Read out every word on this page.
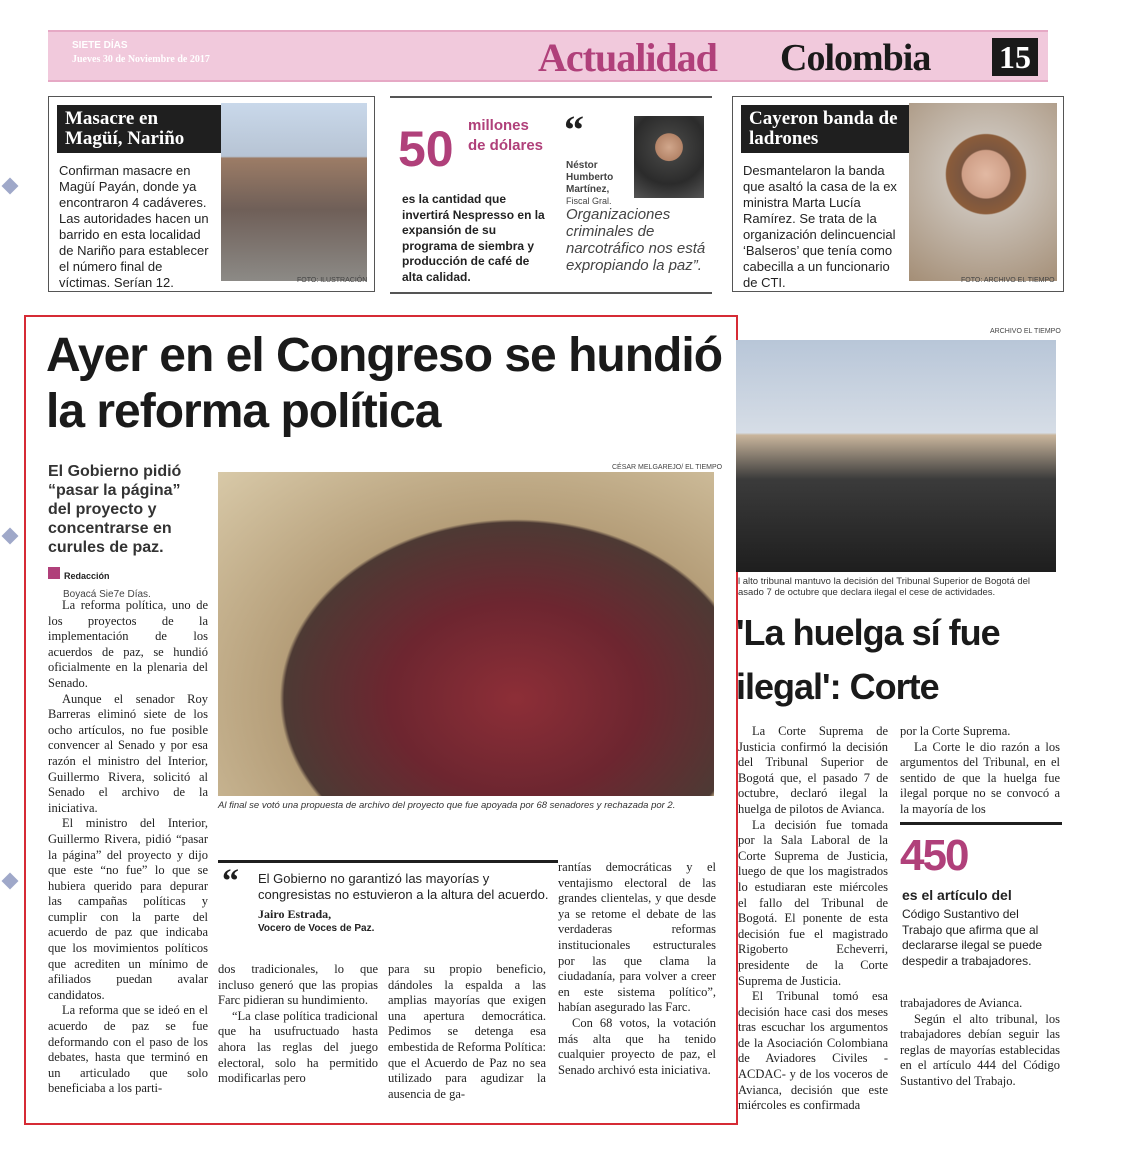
SIETE DÍAS
Jueves 30 de Noviembre de 2017	Actualidad Colombia 15
Masacre en Magüí, Nariño
Confirman masacre en Magüí Payán, donde ya encontraron 4 cadáveres. Las autoridades hacen un barrido en esta localidad de Nariño para establecer el número final de víctimas. Serían 12.	FOTO: ILUSTRACIÓN
50 millones de dólares
es la cantidad que invertirá Nespresso en la expansión de su programa de siembra y producción de café de alta calidad.
“
Néstor Humberto Martínez,
Fiscal Gral.
Organizaciones criminales de narcotráfico nos está expropiando la paz”.
Cayeron banda de ladrones
Desmantelaron la banda que asaltó la casa de la ex ministra Marta Lucía Ramírez. Se trata de la organización delincuencial ‘Balseros’ que tenía como cabecilla a un funcionario de CTI.	FOTO: ARCHIVO EL TIEMPO
Ayer en el Congreso se hundió la reforma política
El Gobierno pidió “pasar la página” del proyecto y concentrarse en curules de paz.
Redacción
Boyacá Sie7e Días.
CÉSAR MELGAREJO/ EL TIEMPO
Al final se votó una propuesta de archivo del proyecto que fue apoyada por 68 senadores y rechazada por 2.

La reforma política, uno de los proyectos de la implementación de los acuerdos de paz, se hundió oficialmente en la plenaria del Senado.

Aunque el senador Roy Barreras eliminó siete de los ocho artículos, no fue posible convencer al Senado y por esa razón el ministro del Interior, Guillermo Rivera, solicitó al Senado el archivo de la iniciativa.

El ministro del Interior, Guillermo Rivera, pidió “pasar la página” del proyecto y dijo que este “no fue” lo que se hubiera querido para depurar las campañas políticas y cumplir con la parte del acuerdo de paz que indicaba que los movimientos políticos que acrediten un mínimo de afiliados puedan avalar candidatos.

La reforma que se ideó en el acuerdo de paz se fue deformando con el paso de los debates, hasta que terminó en un articulado que solo beneficiaba a los parti-

“ El Gobierno no garantizó las mayorías y congresistas no estuvieron a la altura del acuerdo.
Jairo Estrada,
Vocero de Voces de Paz.

dos tradicionales, lo que incluso generó que las propias Farc pidieran su hundimiento.

“La clase política tradicional que ha usufructuado hasta ahora las reglas del juego electoral, solo ha permitido modificarlas pero

para su propio beneficio, dándoles la espalda a las amplias mayorías que exigen una apertura democrática. Pedimos se detenga esa embestida de Reforma Política: que el Acuerdo de Paz no sea utilizado para agudizar la ausencia de ga-

rantías democráticas y el ventajismo electoral de las grandes clientelas, y que desde ya se retome el debate de las verdaderas reformas institucionales estructurales por las que clama la ciudadanía, para volver a creer en este sistema político”, habían asegurado las Farc.

Con 68 votos, la votación más alta que ha tenido cualquier proyecto de paz, el Senado archivó esta iniciativa.

ARCHIVO EL TIEMPO
l alto tribunal mantuvo la decisión del Tribunal Superior de Bogotá del asado 7 de octubre que declara ilegal el cese de actividades.
'La huelga sí fue ilegal': Corte

La Corte Suprema de Justicia confirmó la decisión del Tribunal Superior de Bogotá que, el pasado 7 de octubre, declaró ilegal la huelga de pilotos de Avianca.

La decisión fue tomada por la Sala Laboral de la Corte Suprema de Justicia, luego de que los magistrados lo estudiaran este miércoles el fallo del Tribunal de Bogotá. El ponente de esta decisión fue el magistrado Rigoberto Echeverri, presidente de la Corte Suprema de Justicia.

El Tribunal tomó esa decisión hace casi dos meses tras escuchar los argumentos de la Asociación Colombiana de Aviadores Civiles -ACDAC- y de los voceros de Avianca, decisión que este miércoles es confirmada

por la Corte Suprema.

La Corte le dio razón a los argumentos del Tribunal, en el sentido de que la huelga fue ilegal porque no se convocó a la mayoría de los

450
es el artículo del
Código Sustantivo del Trabajo que afirma que al declararse ilegal se puede despedir a trabajadores.

trabajadores de Avianca.

Según el alto tribunal, los trabajadores debían seguir las reglas de mayorías establecidas en el artículo 444 del Código Sustantivo del Trabajo.
